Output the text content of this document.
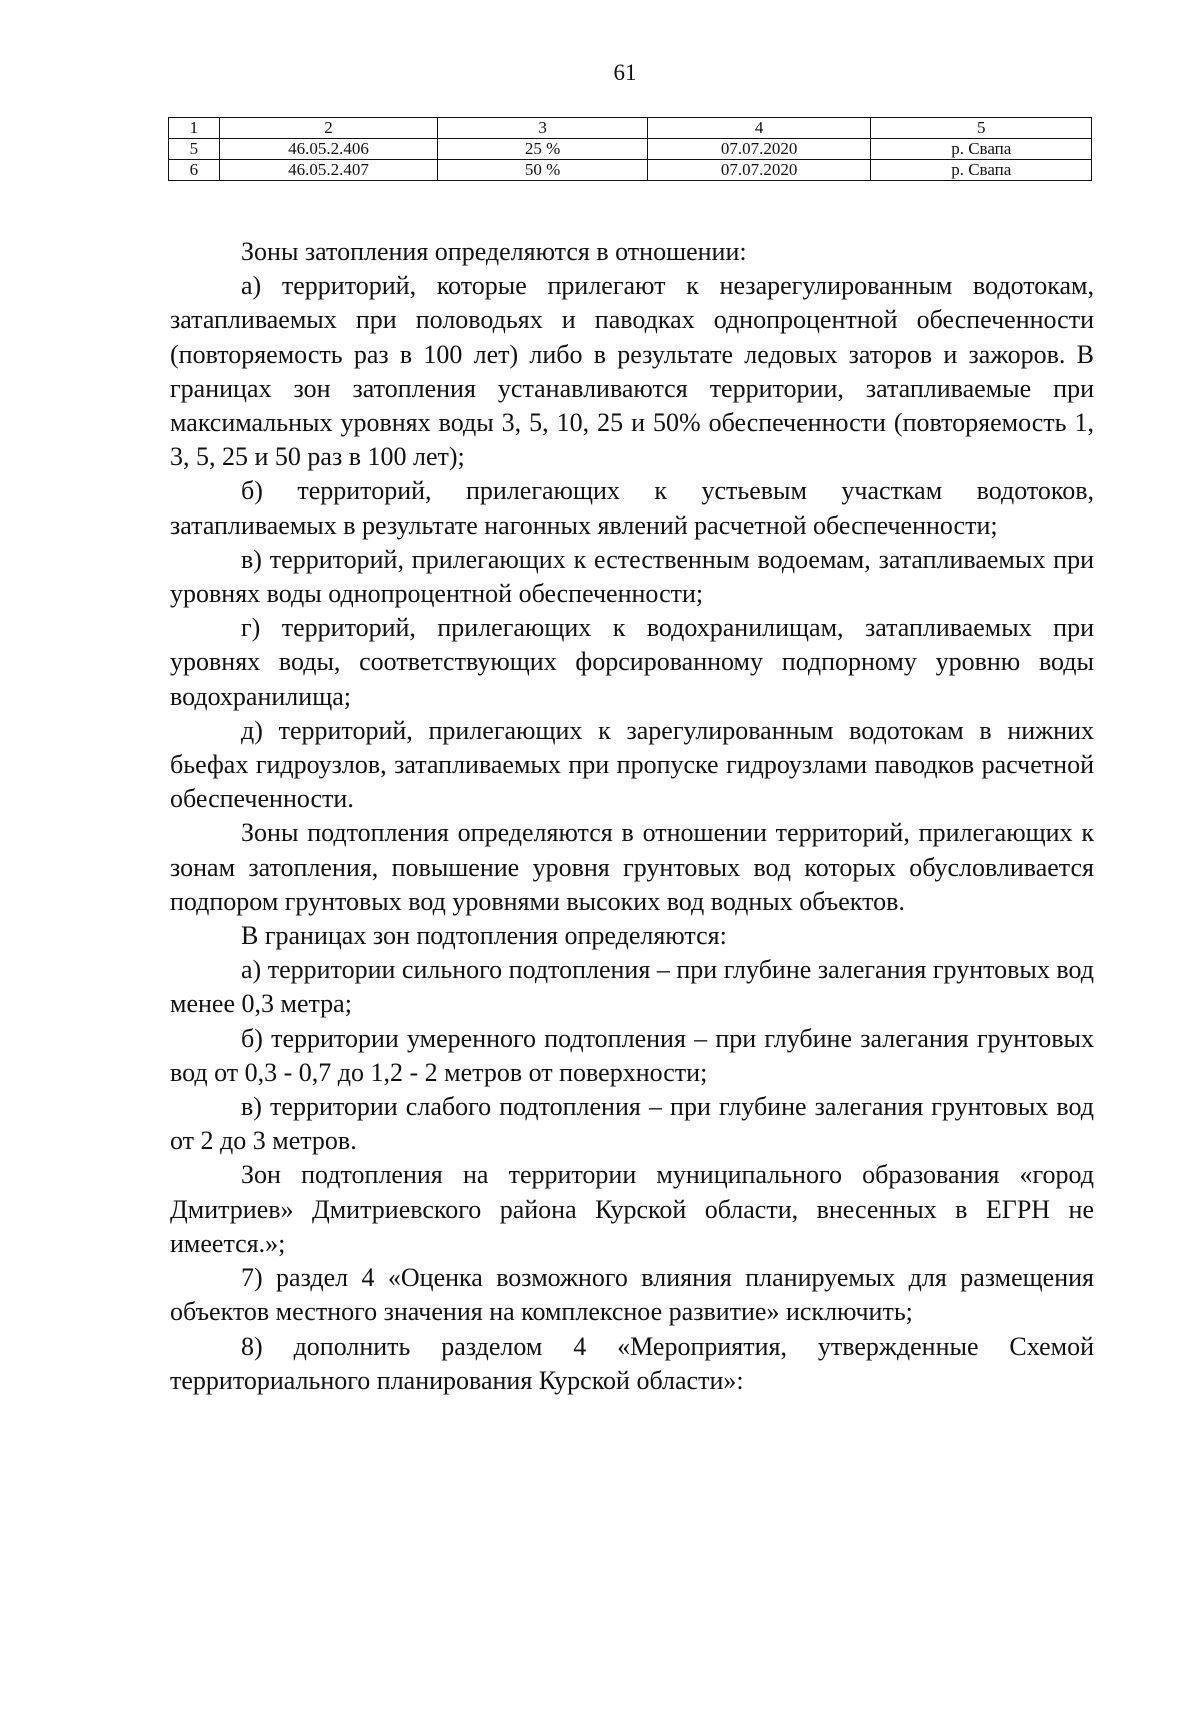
61
1	2	3	4	5
5	46.05.2.406	25 %	07.07.2020	р. Свапа
6	46.05.2.407	50 %	07.07.2020	р. Свапа

Зоны затопления определяются в отношении:

а) территорий, которые прилегают к незарегулированным водотокам, затапливаемых при половодьях и паводках однопроцентной обеспеченности (повторяемость раз в 100 лет) либо в результате ледовых заторов и зажоров. В границах зон затопления устанавливаются территории, затапливаемые при максимальных уровнях воды 3, 5, 10, 25 и 50% обеспеченности (повторяемость 1, 3, 5, 25 и 50 раз в 100 лет);

б) территорий, прилегающих к устьевым участкам водотоков, затапливаемых в результате нагонных явлений расчетной обеспеченности;

в) территорий, прилегающих к естественным водоемам, затапливаемых при уровнях воды однопроцентной обеспеченности;

г) территорий, прилегающих к водохранилищам, затапливаемых при уровнях воды, соответствующих форсированному подпорному уровню воды водохранилища;

д) территорий, прилегающих к зарегулированным водотокам в нижних бьефах гидроузлов, затапливаемых при пропуске гидроузлами паводков расчетной обеспеченности.

Зоны подтопления определяются в отношении территорий, прилегающих к зонам затопления, повышение уровня грунтовых вод которых обусловливается подпором грунтовых вод уровнями высоких вод водных объектов.

В границах зон подтопления определяются:

а) территории сильного подтопления – при глубине залегания грунтовых вод менее 0,3 метра;

б) территории умеренного подтопления – при глубине залегания грунтовых вод от 0,3 - 0,7 до 1,2 - 2 метров от поверхности;

в) территории слабого подтопления – при глубине залегания грунтовых вод от 2 до 3 метров.

Зон подтопления на территории муниципального образования «город Дмитриев» Дмитриевского района Курской области, внесенных в ЕГРН не имеется.»;

7) раздел 4 «Оценка возможного влияния планируемых для размещения объектов местного значения на комплексное развитие» исключить;

8) дополнить разделом 4 «Мероприятия, утвержденные Схемой территориального планирования Курской области»:
